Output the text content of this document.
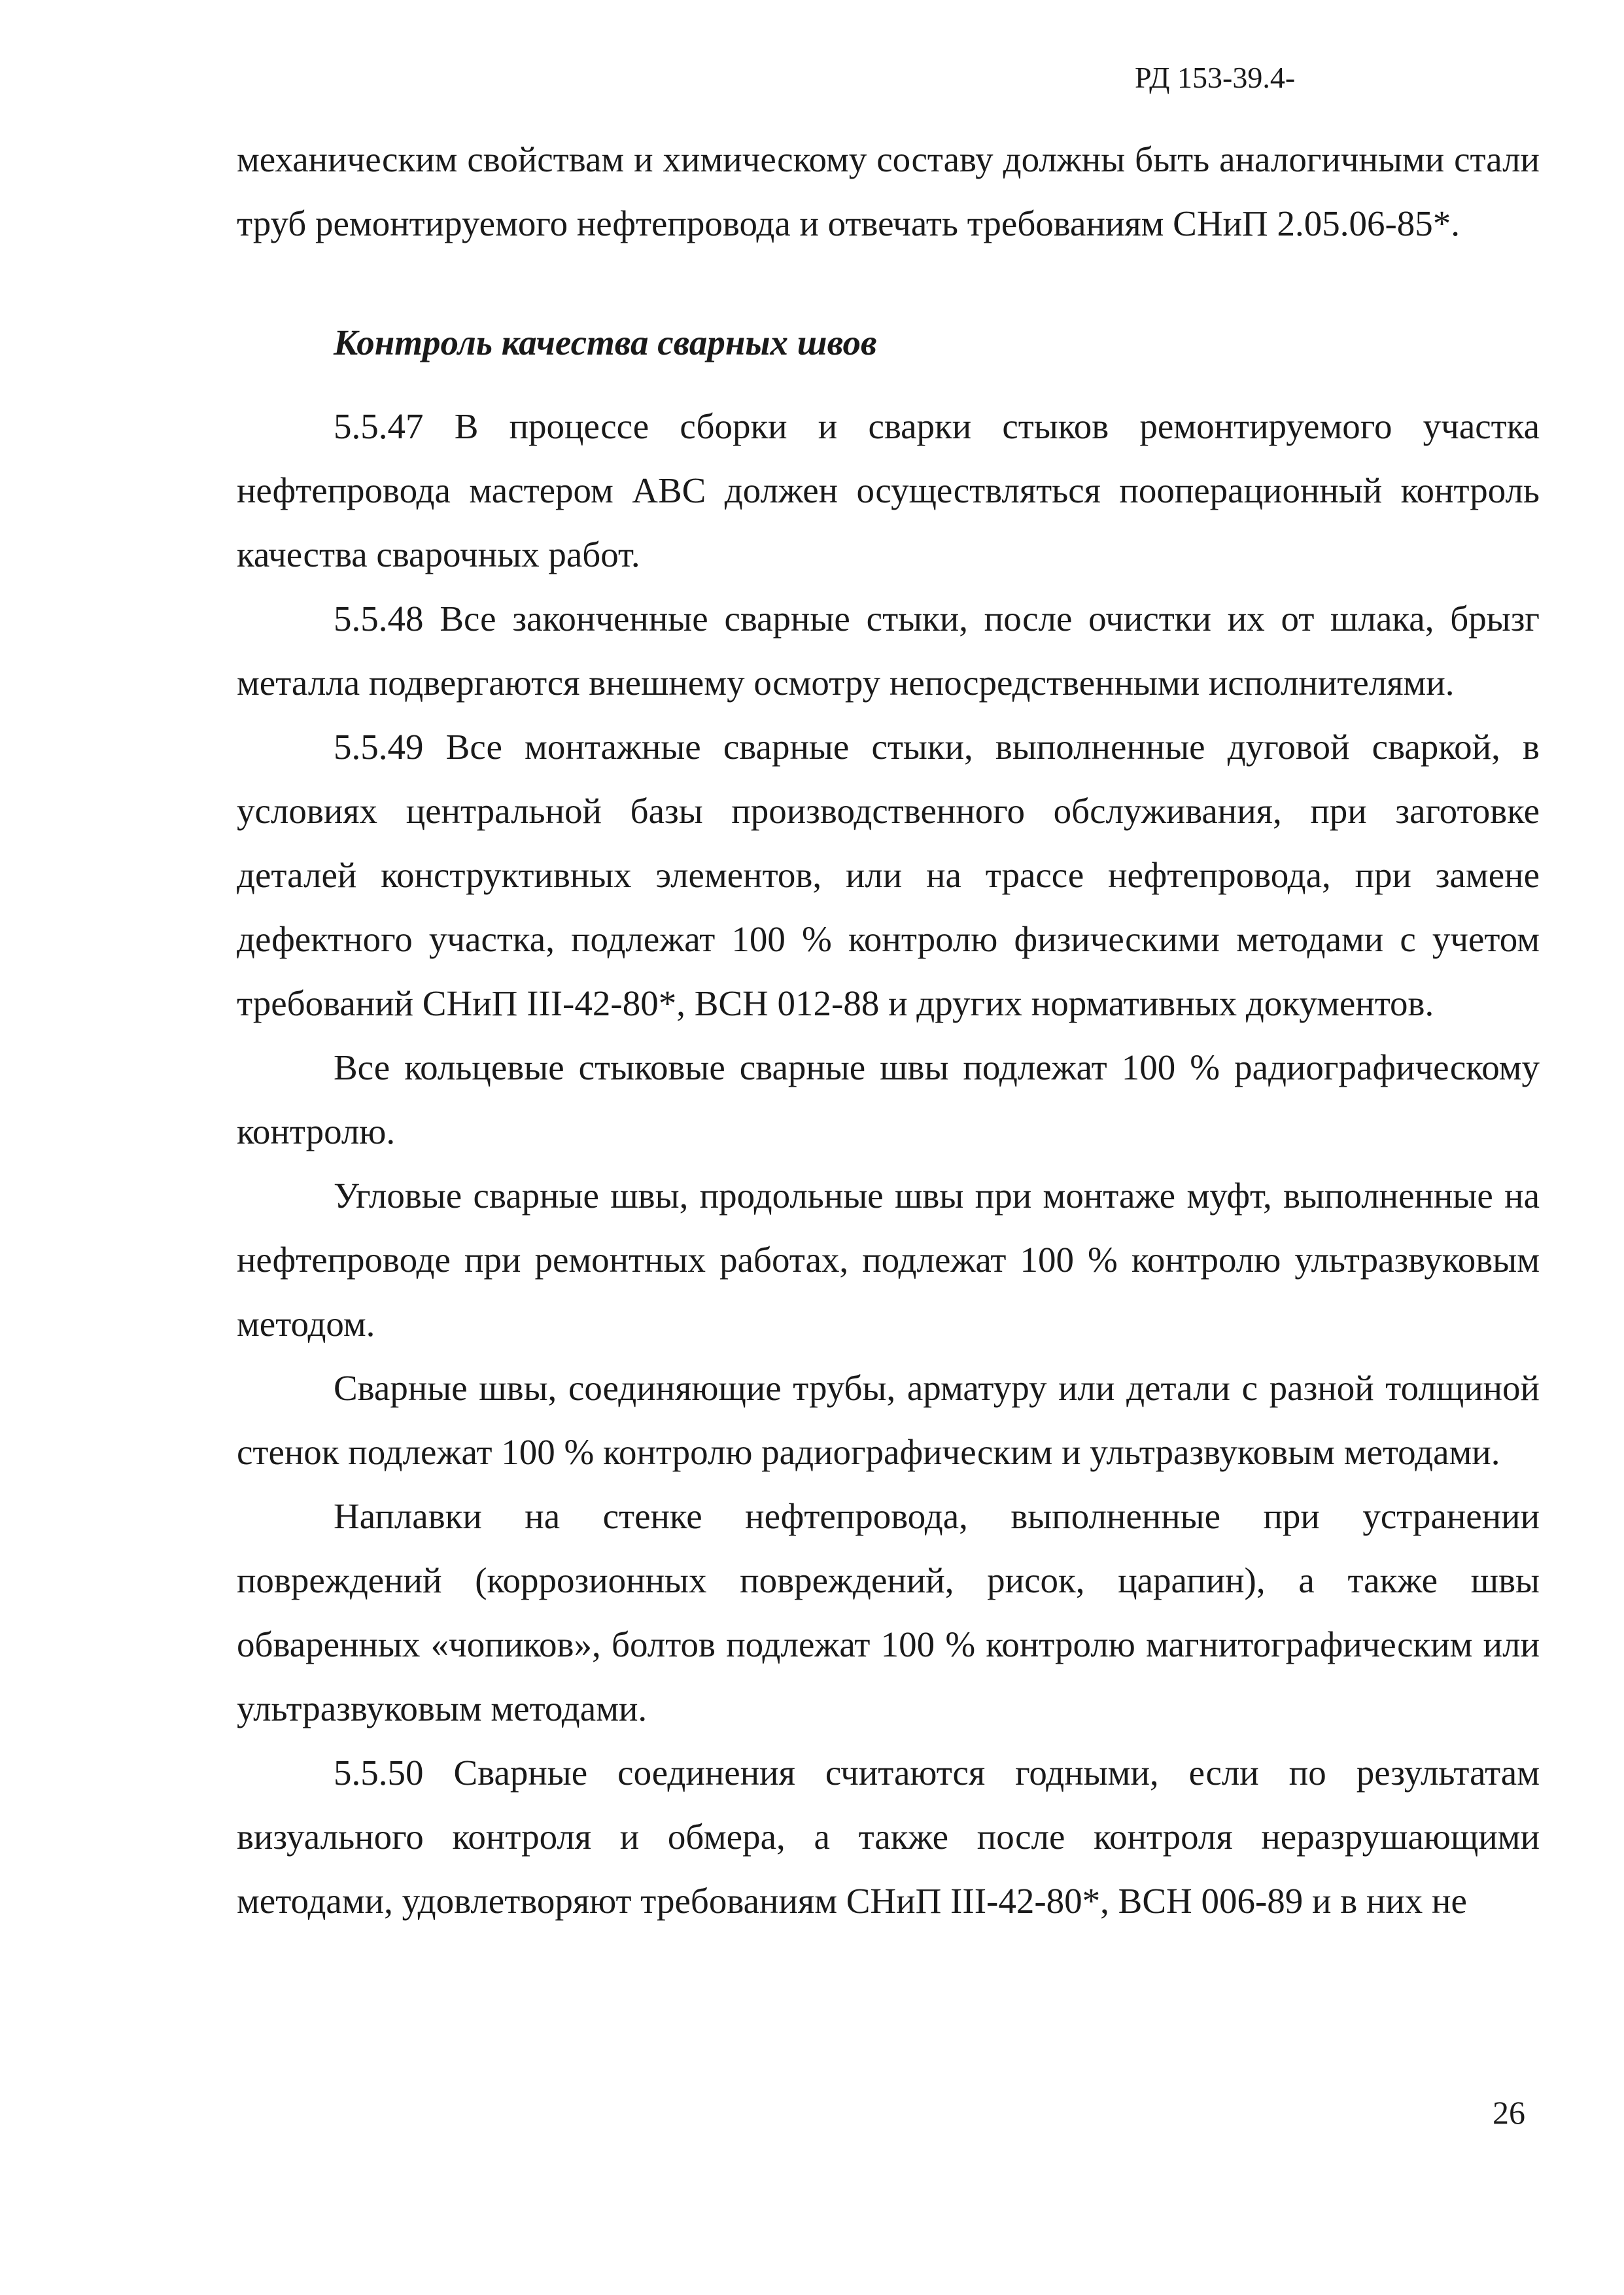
РД 153-39.4-

механическим свойствам и химическому составу должны быть аналогичными стали труб ремонтируемого нефтепровода и отвечать требованиям СНиП 2.05.06-85*.

Контроль качества сварных швов

5.5.47 В процессе сборки и сварки стыков ремонтируемого участка нефтепровода мастером АВС должен осуществляться пооперационный контроль качества сварочных работ.

5.5.48 Все законченные сварные стыки, после очистки их от шлака, брызг металла подвергаются внешнему осмотру непосредственными исполнителями.

5.5.49 Все монтажные сварные стыки, выполненные дуговой сваркой, в условиях центральной базы производственного обслуживания, при заготовке деталей конструктивных элементов, или на трассе нефтепровода, при замене дефектного участка, подлежат 100 % контролю физическими методами с учетом требований СНиП III-42-80*, ВСН 012-88 и других нормативных документов.

Все кольцевые стыковые сварные швы подлежат 100 % радиографическому контролю.

Угловые сварные швы, продольные швы при монтаже муфт, выполненные на нефтепроводе при ремонтных работах, подлежат 100 % контролю ультразвуковым методом.

Сварные швы, соединяющие трубы, арматуру или детали с разной толщиной стенок подлежат 100 % контролю радиографическим и ультразвуковым методами.

Наплавки на стенке нефтепровода, выполненные при устранении повреждений (коррозионных повреждений, рисок, царапин), а также швы обваренных «чопиков», болтов подлежат 100 % контролю магнитографическим или ультразвуковым методами.

5.5.50 Сварные соединения считаются годными, если по результатам визуального контроля и обмера, а также после контроля неразрушающими методами, удовлетворяют требованиям СНиП III-42-80*, ВСН 006-89 и в них не

26
